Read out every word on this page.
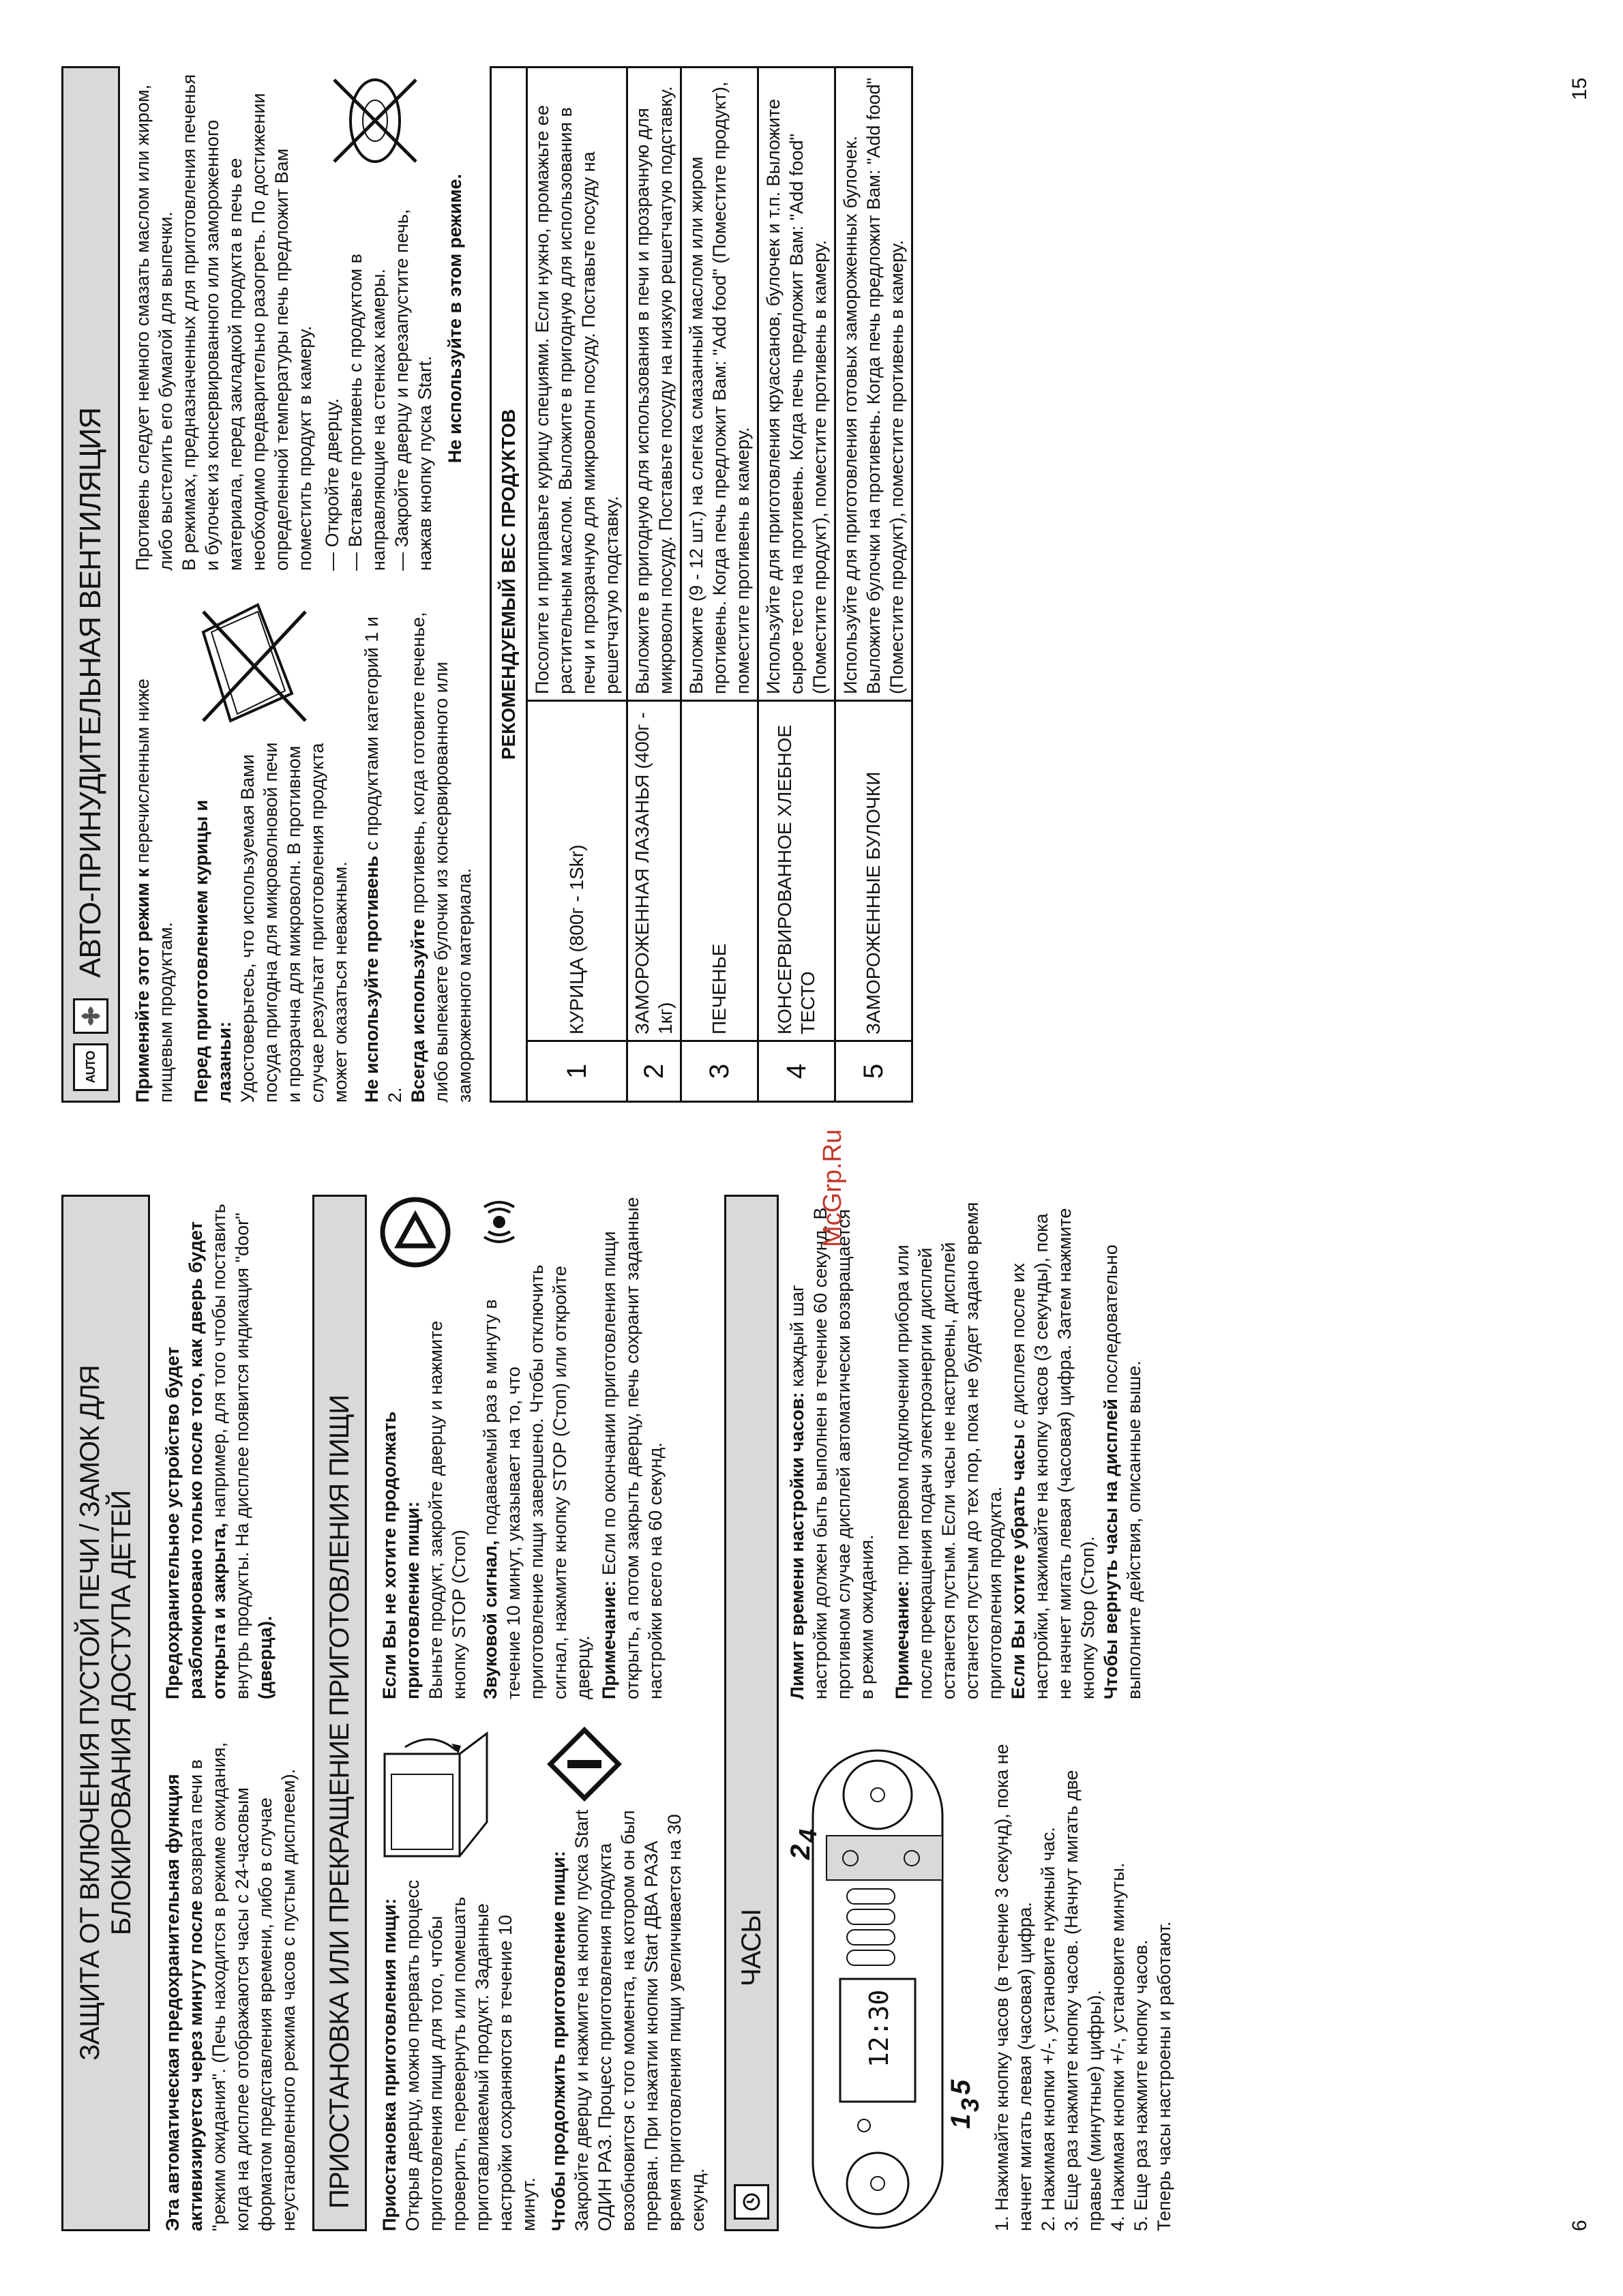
ЗАЩИТА ОТ ВКЛЮЧЕНИЯ ПУСТОЙ ПЕЧИ / ЗАМОК ДЛЯ БЛОКИРОВАНИЯ ДОСТУПА ДЕТЕЙ

Эта автоматическая предохранительная функция активизируется через минуту после возврата печи в "режим ожидания". (Печь находится в режиме ожидания, когда на дисплее отображаются часы с 24-часовым форматом представления времени, либо в случае неустановленного режима часов с пустым дисплеем).

Предохранительное устройство будет разблокировано только после того, как дверь будет открыта и закрыта, например, для того чтобы поставить внутрь продукты. На дисплее появится индикация "door" (дверца). ПРИОСТАНОВКА ИЛИ ПРЕКРАЩЕНИЕ ПРИГОТОВЛЕНИЯ ПИЩИ Приостановка приготовления пищи: Открыв дверцу, можно прервать процесс приготовления пищи для того, чтобы проверить, перевернуть или помешать приготавливаемый продукт. Заданные настройки сохраняются в течение 10 минут. Чтобы продолжить приготовление пищи: Закройте дверцу и нажмите на кнопку пуска Start ОДИН РАЗ. Процесс приготовления продукта возобновится с того момента, на котором он был прерван. При нажатии кнопки Start ДВА РАЗА время приготовления пищи увеличивается на 30 секунд.

Если Вы не хотите продолжать приготовление пищи: Выньте продукт, закройте дверцу и нажмите кнопку STOP (Стоп) Звуковой сигнал, подаваемый раз в минуту в течение 10 минут, указывает на то, что приготовление пищи завершено. Чтобы отключить сигнал, нажмите кнопку STOP (Стоп) или откройте дверцу. Примечание: Если по окончании приготовления пищи открыть, а потом закрыть дверцу, печь сохранит заданные настройки всего на 60 секунд.

ЧАСЫ
12:30
1
3
5
2
4	1. Нажимайте кнопку часов (в течение 3 секунд), пока не начнет мигать левая (часовая) цифра. 2. Нажимая кнопки +/-, установите нужный час. 3. Еще раз нажмите кнопку часов. (Начнут мигать две правые (минутные) цифры). 4. Нажимая кнопки +/-, установите минуты. 5. Еще раз нажмите кнопку часов. Теперь часы настроены и работают.

Лимит времени настройки часов: каждый шаг настройки должен быть выполнен в течение 60 секунд. В противном случае дисплей автоматически возвращается в режим ожидания. Примечание: при первом подключении прибора или после прекращения подачи электроэнергии дисплей останется пустым. Если часы не настроены, дисплей останется пустым до тех пор, пока не будет задано время приготовления продукта. Если Вы хотите убрать часы с дисплея после их настройки, нажимайте на кнопку часов (3 секунды), пока не начнет мигать левая (часовая) цифра. Затем нажмите кнопку Stop (Стоп). Чтобы вернуть часы на дисплей последовательно выполните действия, описанные выше.

6
McGrp.Ru
AUTO
АВТО-ПРИНУДИТЕЛЬНАЯ ВЕНТИЛЯЦИЯ

Применяйте этот режим к перечисленным ниже пищевым продуктам. Перед приготовлением курицы и лазаньи: Удостоверьтесь, что используемая Вами посуда пригодна для микроволновой печи и прозрачна для микроволн. В противном случае результат приготовления продукта может оказаться неважным. Не используйте противень с продуктами категорий 1 и 2. Всегда используйте противень, когда готовите печенье, либо выпекаете булочки из консервированного или замороженного материала.

Противень следует немного смазать маслом или жиром, либо выстелить его бумагой для выпечки. В режимах, предназначенных для приготовления печенья и булочек из консервированного или замороженного материала, перед закладкой продукта в печь ее необходимо предварительно разогреть. По достижении определенной температуры печь предложит Вам поместить продукт в камеру. — Откройте дверцу. — Вставьте противень с продуктом в направляющие на стенках камеры. — Закройте дверцу и перезапустите печь, нажав кнопку пуска Start.

Не используйте в этом режиме.

РЕКОМЕНДУЕМЫЙ ВЕС ПРОДУКТОВ		
1	КУРИЦА (800г - 1Skr)	Посолите и приправьте курицу специями. Если нужно, промажьте ее растительным маслом. Выложите в пригодную для использования в печи и прозрачную для микроволн посуду. Поставьте посуду на решетчатую подставку.
2	ЗАМОРОЖЕННАЯ ЛАЗАНЬЯ (400г - 1кг)	Выложите в пригодную для использования в печи и прозрачную для микроволн посуду. Поставьте посуду на низкую решетчатую подставку.
3	ПЕЧЕНЬЕ	Выложите (9 - 12 шт.) на слегка смазанный маслом или жиром противень. Когда печь предложит Вам: "Add food" (Поместите продукт), поместите противень в камеру.
4	КОНСЕРВИРОВАННОЕ ХЛЕБНОЕ ТЕСТО	Используйте для приготовления круассанов, булочек и т.п. Выложите сырое тесто на противень. Когда печь предложит Вам: "Add food" (Поместите продукт), поместите противень в камеру.
5	ЗАМОРОЖЕННЫЕ БУЛОЧКИ	Используйте для приготовления готовых замороженных булочек. Выложите булочки на противень. Когда печь предложит Вам: "Add food" (Поместите продукт), поместите противень в камеру.
15
